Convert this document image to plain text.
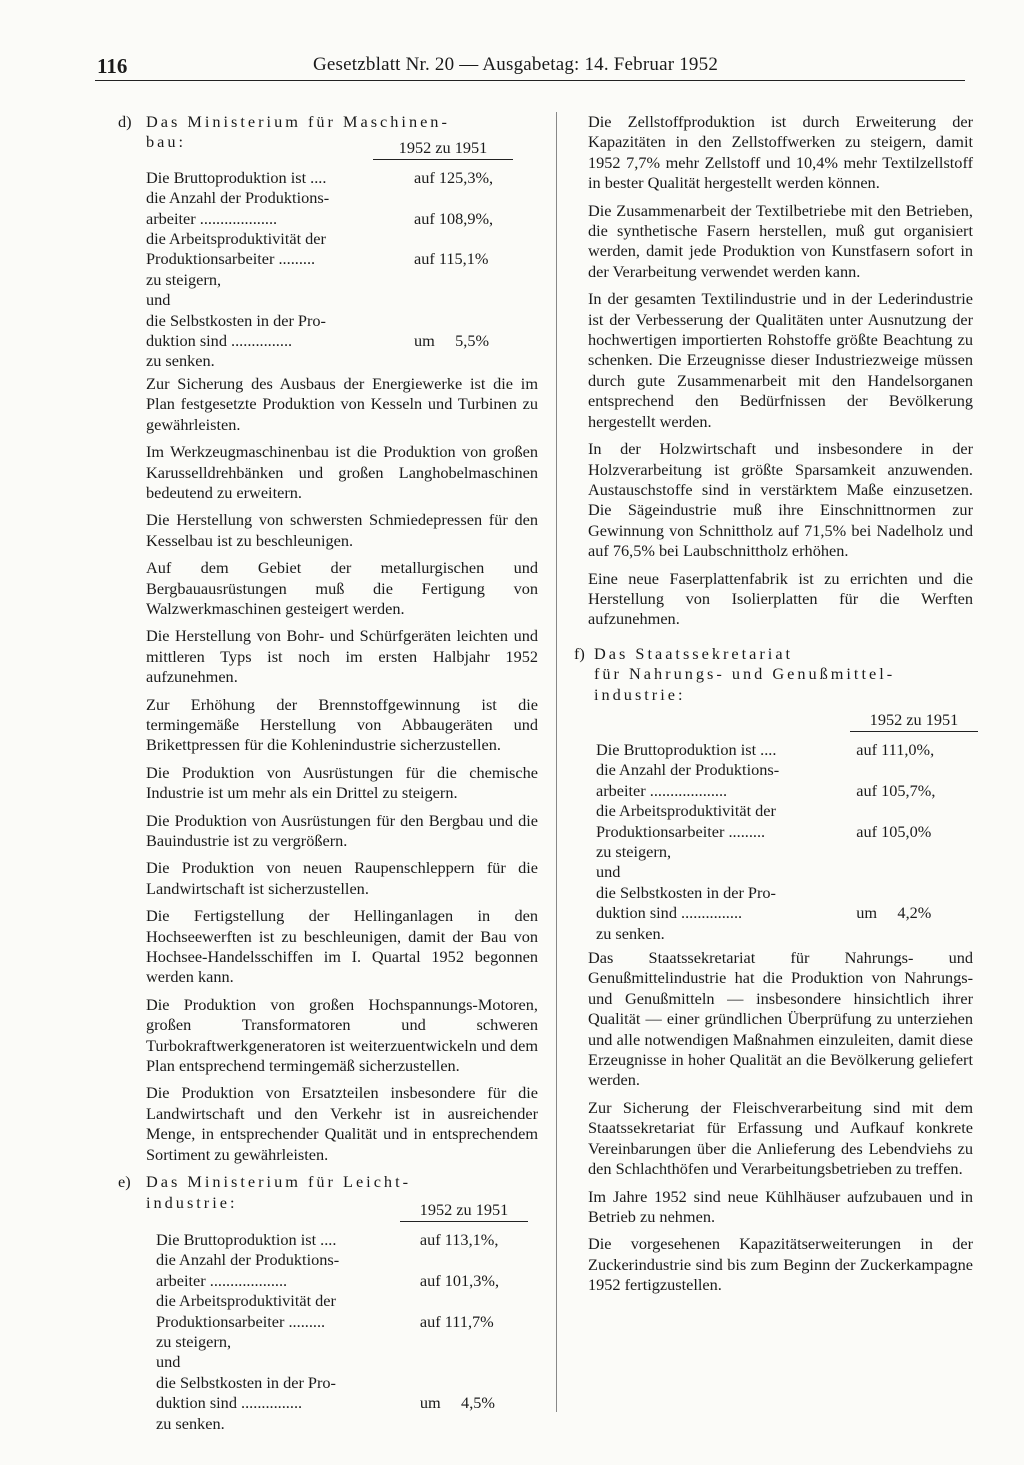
116	Gesetzblatt Nr. 20 — Ausgabetag: 14. Februar 1952
d) Das Ministerium für Maschinen-
bau:	1952 zu 1951
Die Bruttoproduktion ist ....	auf 125,3%,
die Anzahl der Produktions-
arbeiter ...................	auf 108,9%,
die Arbeitsproduktivität der
Produktionsarbeiter .........	auf 115,1%
zu steigern,
und
die Selbstkosten in der Pro-
duktion sind ...............	um     5,5%
zu senken.

Zur Sicherung des Ausbaus der Energiewerke ist die im Plan festgesetzte Produktion von Kesseln und Turbinen zu gewährleisten.

Im Werkzeugmaschinenbau ist die Produktion von großen Karusselldrehbänken und großen Langhobelmaschinen bedeutend zu erweitern.

Die Herstellung von schwersten Schmiedepressen für den Kesselbau ist zu beschleunigen.

Auf dem Gebiet der metallurgischen und Bergbauausrüstungen muß die Fertigung von Walzwerkmaschinen gesteigert werden.

Die Herstellung von Bohr- und Schürfgeräten leichten und mittleren Typs ist noch im ersten Halbjahr 1952 aufzunehmen.

Zur Erhöhung der Brennstoffgewinnung ist die termingemäße Herstellung von Abbaugeräten und Brikettpressen für die Kohlenindustrie sicherzustellen.

Die Produktion von Ausrüstungen für die chemische Industrie ist um mehr als ein Drittel zu steigern.

Die Produktion von Ausrüstungen für den Bergbau und die Bauindustrie ist zu vergrößern.

Die Produktion von neuen Raupenschleppern für die Landwirtschaft ist sicherzustellen.

Die Fertigstellung der Hellinganlagen in den Hochseewerften ist zu beschleunigen, damit der Bau von Hochsee-Handelsschiffen im I. Quartal 1952 begonnen werden kann.

Die Produktion von großen Hochspannungs-Motoren, großen Transformatoren und schweren Turbokraftwerkgeneratoren ist weiterzuentwickeln und dem Plan entsprechend termingemäß sicherzustellen.

Die Produktion von Ersatzteilen insbesondere für die Landwirtschaft und den Verkehr ist in ausreichender Menge, in entsprechender Qualität und in entsprechendem Sortiment zu gewährleisten.

e) Das Ministerium für Leicht-
industrie:	1952 zu 1951
Die Bruttoproduktion ist ....	auf 113,1%,
die Anzahl der Produktions-
arbeiter ...................	auf 101,3%,
die Arbeitsproduktivität der
Produktionsarbeiter .........	auf 111,7%
zu steigern,
und
die Selbstkosten in der Pro-
duktion sind ...............	um     4,5%
zu senken.

Die Zellstoffproduktion ist durch Erweiterung der Kapazitäten in den Zellstoffwerken zu steigern, damit 1952 7,7% mehr Zellstoff und 10,4% mehr Textilzellstoff in bester Qualität hergestellt werden können.

Die Zusammenarbeit der Textilbetriebe mit den Betrieben, die synthetische Fasern herstellen, muß gut organisiert werden, damit jede Produktion von Kunstfasern sofort in der Verarbeitung verwendet werden kann.

In der gesamten Textilindustrie und in der Lederindustrie ist der Verbesserung der Qualitäten unter Ausnutzung der hochwertigen importierten Rohstoffe größte Beachtung zu schenken. Die Erzeugnisse dieser Industriezweige müssen durch gute Zusammenarbeit mit den Handelsorganen entsprechend den Bedürfnissen der Bevölkerung hergestellt werden.

In der Holzwirtschaft und insbesondere in der Holzverarbeitung ist größte Sparsamkeit anzuwenden. Austauschstoffe sind in verstärktem Maße einzusetzen. Die Sägeindustrie muß ihre Einschnittnormen zur Gewinnung von Schnittholz auf 71,5% bei Nadelholz und auf 76,5% bei Laubschnittholz erhöhen.

Eine neue Faserplattenfabrik ist zu errichten und die Herstellung von Isolierplatten für die Werften aufzunehmen.

f) Das Staatssekretariat
für Nahrungs- und Genußmittel-
industrie:
1952 zu 1951
Die Bruttoproduktion ist ....	auf 111,0%,
die Anzahl der Produktions-
arbeiter ...................	auf 105,7%,
die Arbeitsproduktivität der
Produktionsarbeiter .........	auf 105,0%
zu steigern,
und
die Selbstkosten in der Pro-
duktion sind ...............	um     4,2%
zu senken.

Das Staatssekretariat für Nahrungs- und Genußmittelindustrie hat die Produktion von Nahrungs- und Genußmitteln — insbesondere hinsichtlich ihrer Qualität — einer gründlichen Überprüfung zu unterziehen und alle notwendigen Maßnahmen einzuleiten, damit diese Erzeugnisse in hoher Qualität an die Bevölkerung geliefert werden.

Zur Sicherung der Fleischverarbeitung sind mit dem Staatssekretariat für Erfassung und Aufkauf konkrete Vereinbarungen über die Anlieferung des Lebendviehs zu den Schlachthöfen und Verarbeitungsbetrieben zu treffen.

Im Jahre 1952 sind neue Kühlhäuser aufzubauen und in Betrieb zu nehmen.

Die vorgesehenen Kapazitätserweiterungen in der Zuckerindustrie sind bis zum Beginn der Zuckerkampagne 1952 fertigzustellen.
